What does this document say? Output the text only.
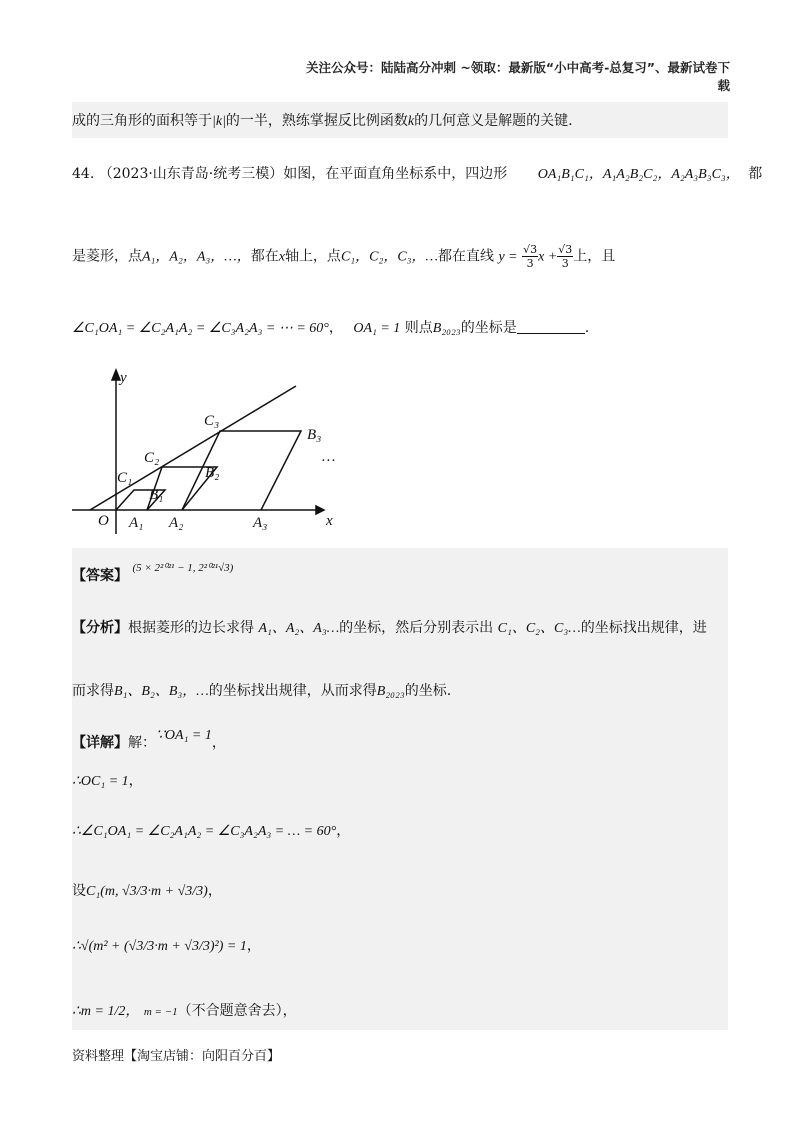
关注公众号：陆陆高分冲刺 ~领取：最新版“小中高考-总复习”、最新试卷下载
成的三角形的面积等于|k|的一半，熟练掌握反比例函数k的几何意义是解题的关键.
44. （2023·山东青岛·统考三模）如图，在平面直角坐标系中，四边形 OA₁B₁C₁，A₁A₂B₂C₂，A₂A₃B₃C₃， 都
是菱形，点A₁，A₂，A₃，…，都在x轴上，点C₁，C₂，C₃，…都在直线 $y = \frac{√3}{3}$ $x + \frac{√3}{3}$ 上，且
∠C₁OA₁ = ∠C₂A₁A₂ = ∠C₃A₂A₃ = ⋯ = 60°， OA₁ = 1 则点B₂₀₂₃的坐标是	.
y
x
O
C₁
C₂
C₃
B₁
B₂
B₃
A₁ A₂	A₃
…
【答案】 $^{(5 \times 2^{2021} - 1, 2^{2021}√3)}$
【分析】根据菱形的边长求得 A₁、A₂、A₃…的坐标，然后分别表示出 C₁、C₂、C₃…的坐标找出规律，进
而求得B₁、B₂、B₃，…的坐标找出规律，从而求得B₂₀₂₃的坐标.
【详解】解：∵OA₁ = 1，
∴OC₁ = 1，
∴∠C₁OA₁ = ∠C₂A₁A₂ = ∠C₃A₂A₃ = … = 60°，
设C₁(m, √3/3·m + √3/3)，
∴√(m² + (√3/3·m + √3/3)²) = 1，
∴m = 1/2， m = −1（不合题意舍去），
资料整理【淘宝店铺：向阳百分百】
